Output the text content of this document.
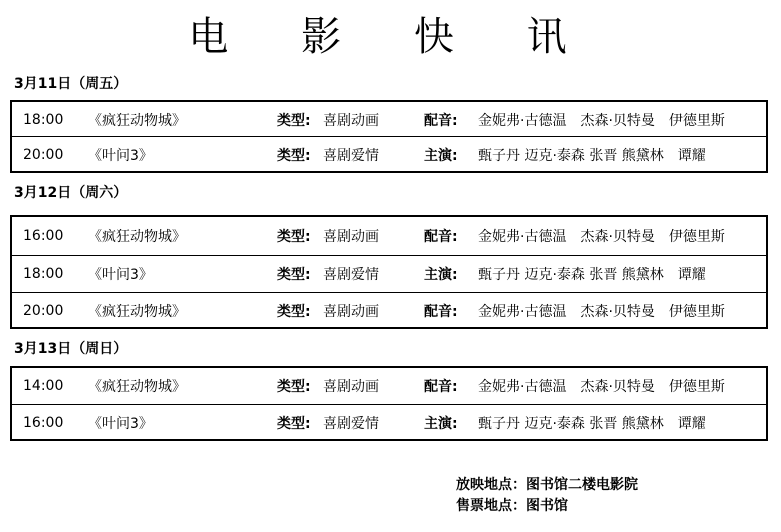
电 影 快 讯
3月11日（周五）
18:00 《疯狂动物城》	类型: 喜剧动画	配音: 金妮弗·古德温　杰森·贝特曼　伊德里斯
20:00 《叶问3》	类型: 喜剧爱情	主演: 甄子丹 迈克·泰森 张晋 熊黛林　谭耀
3月12日（周六）
16:00 《疯狂动物城》	类型: 喜剧动画	配音: 金妮弗·古德温　杰森·贝特曼　伊德里斯
18:00 《叶问3》	类型: 喜剧爱情	主演: 甄子丹 迈克·泰森 张晋 熊黛林　谭耀
20:00 《疯狂动物城》	类型: 喜剧动画	配音: 金妮弗·古德温　杰森·贝特曼　伊德里斯
3月13日（周日）
14:00 《疯狂动物城》	类型: 喜剧动画	配音: 金妮弗·古德温　杰森·贝特曼　伊德里斯
16:00 《叶问3》	类型: 喜剧爱情	主演: 甄子丹 迈克·泰森 张晋 熊黛林　谭耀
放映地点：图书馆二楼电影院
售票地点：图书馆
